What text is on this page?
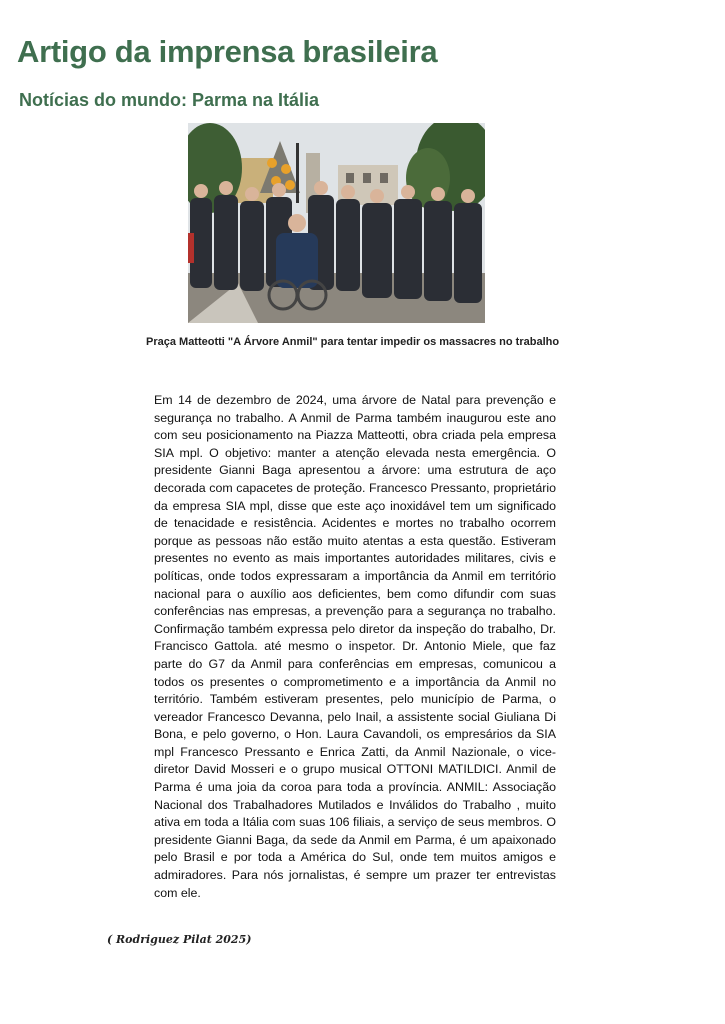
Artigo da imprensa brasileira
Notícias do mundo: Parma na Itália

Praça Matteotti "A Árvore Anmil" para tentar impedir os massacres no trabalho

Em 14 de dezembro de 2024, uma árvore de Natal para prevenção e segurança no trabalho. A Anmil de Parma também inaugurou este ano com seu posicionamento na Piazza Matteotti, obra criada pela empresa SIA mpl. O objetivo: manter a atenção elevada nesta emergência. O presidente Gianni Baga apresentou a árvore: uma estrutura de aço decorada com capacetes de proteção. Francesco Pressanto, proprietário da empresa SIA mpl, disse que este aço inoxidável tem um significado de tenacidade e resistência. Acidentes e mortes no trabalho ocorrem porque as pessoas não estão muito atentas a esta questão. Estiveram presentes no evento as mais importantes autoridades militares, civis e políticas, onde todos expressaram a importância da Anmil em território nacional para o auxílio aos deficientes, bem como difundir com suas conferências nas empresas, a prevenção para a segurança no trabalho. Confirmação também expressa pelo diretor da inspeção do trabalho, Dr. Francisco Gattola. até mesmo o inspetor. Dr. Antonio Miele, que faz parte do G7 da Anmil para conferências em empresas, comunicou a todos os presentes o comprometimento e a importância da Anmil no território. Também estiveram presentes, pelo município de Parma, o vereador Francesco Devanna, pelo Inail, a assistente social Giuliana Di Bona, e pelo governo, o Hon. Laura Cavandoli, os empresários da SIA mpl Francesco Pressanto e Enrica Zatti, da Anmil Nazionale, o vice-diretor David Mosseri e o grupo musical OTTONI MATILDICI. Anmil de Parma é uma joia da coroa para toda a província. ANMIL: Associação Nacional dos Trabalhadores Mutilados e Inválidos do Trabalho , muito ativa em toda a Itália com suas 106 filiais, a serviço de seus membros. O presidente Gianni Baga, da sede da Anmil em Parma, é um apaixonado pelo Brasil e por toda a América do Sul, onde tem muitos amigos e admiradores. Para nós jornalistas, é sempre um prazer ter entrevistas com ele.

( Rodriguez Pilat 2025)
